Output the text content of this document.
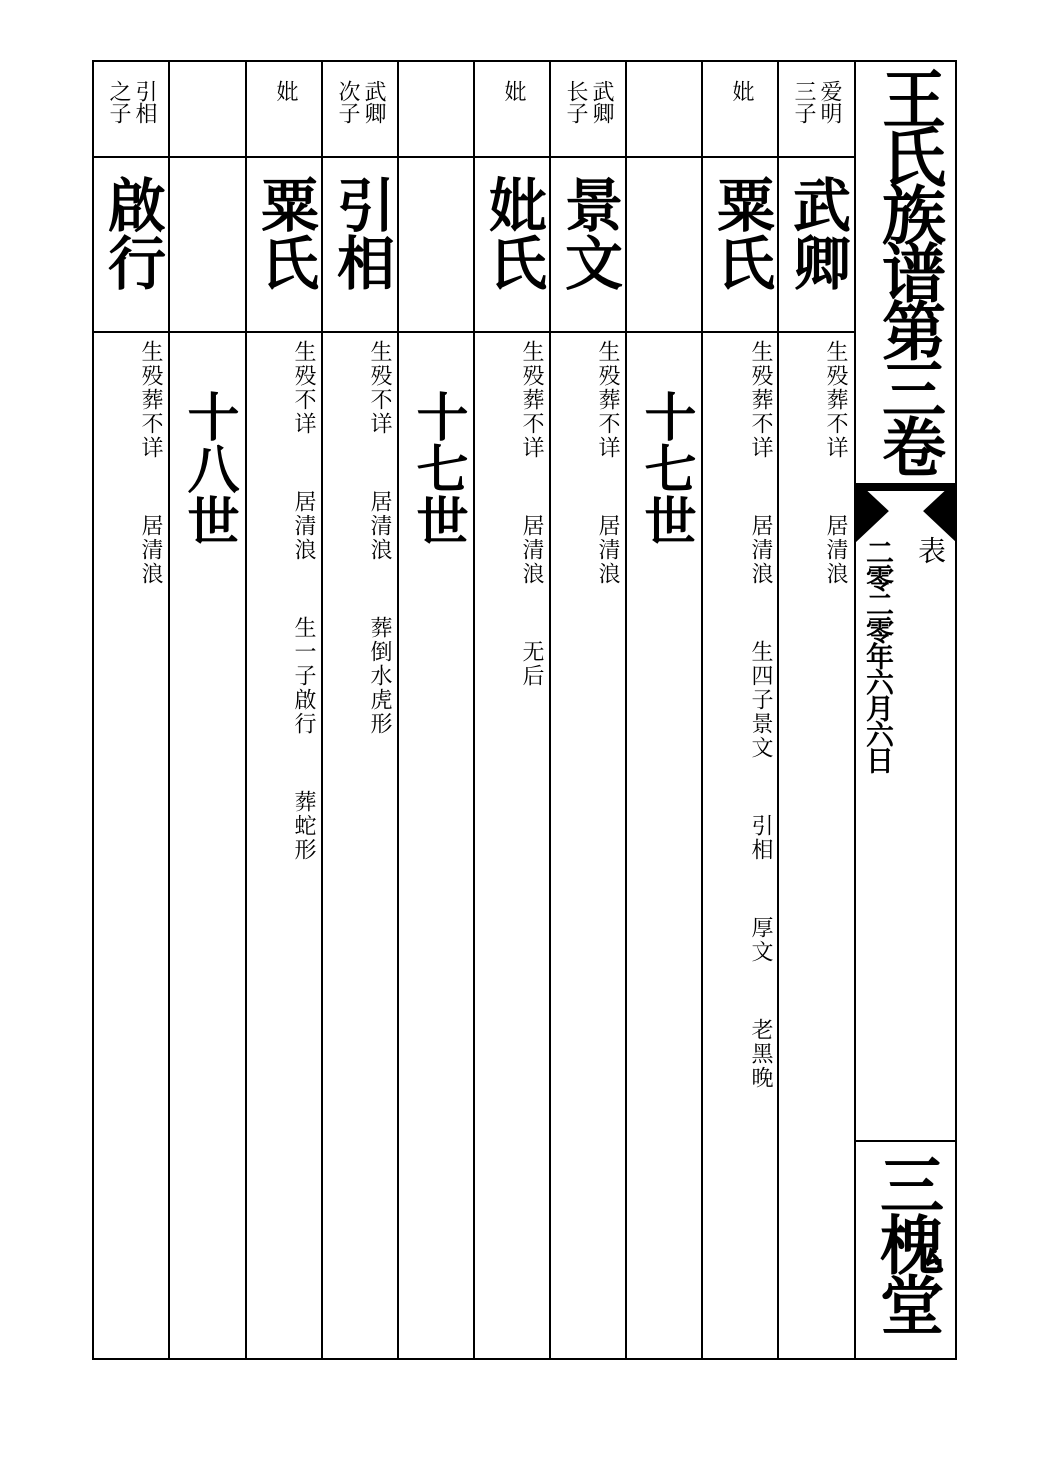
王氏族谱第三卷
表
二零二零年六月六日
三槐堂
爱明
三子
武卿
生殁葬不详  居清浪
妣
粟氏
生殁葬不详  居清浪  生四子景文  引相  厚文  老黑晚
十七世
武卿
长子
景文
生殁葬不详  居清浪
妣
妣氏
生殁葬不详  居清浪  无后
十七世
武卿
次子
引相
生殁不详  居清浪  葬倒水虎形
妣
粟氏
生殁不详  居清浪  生一子啟行  葬蛇形
十八世
引相
之子
啟行
生殁葬不详  居清浪
